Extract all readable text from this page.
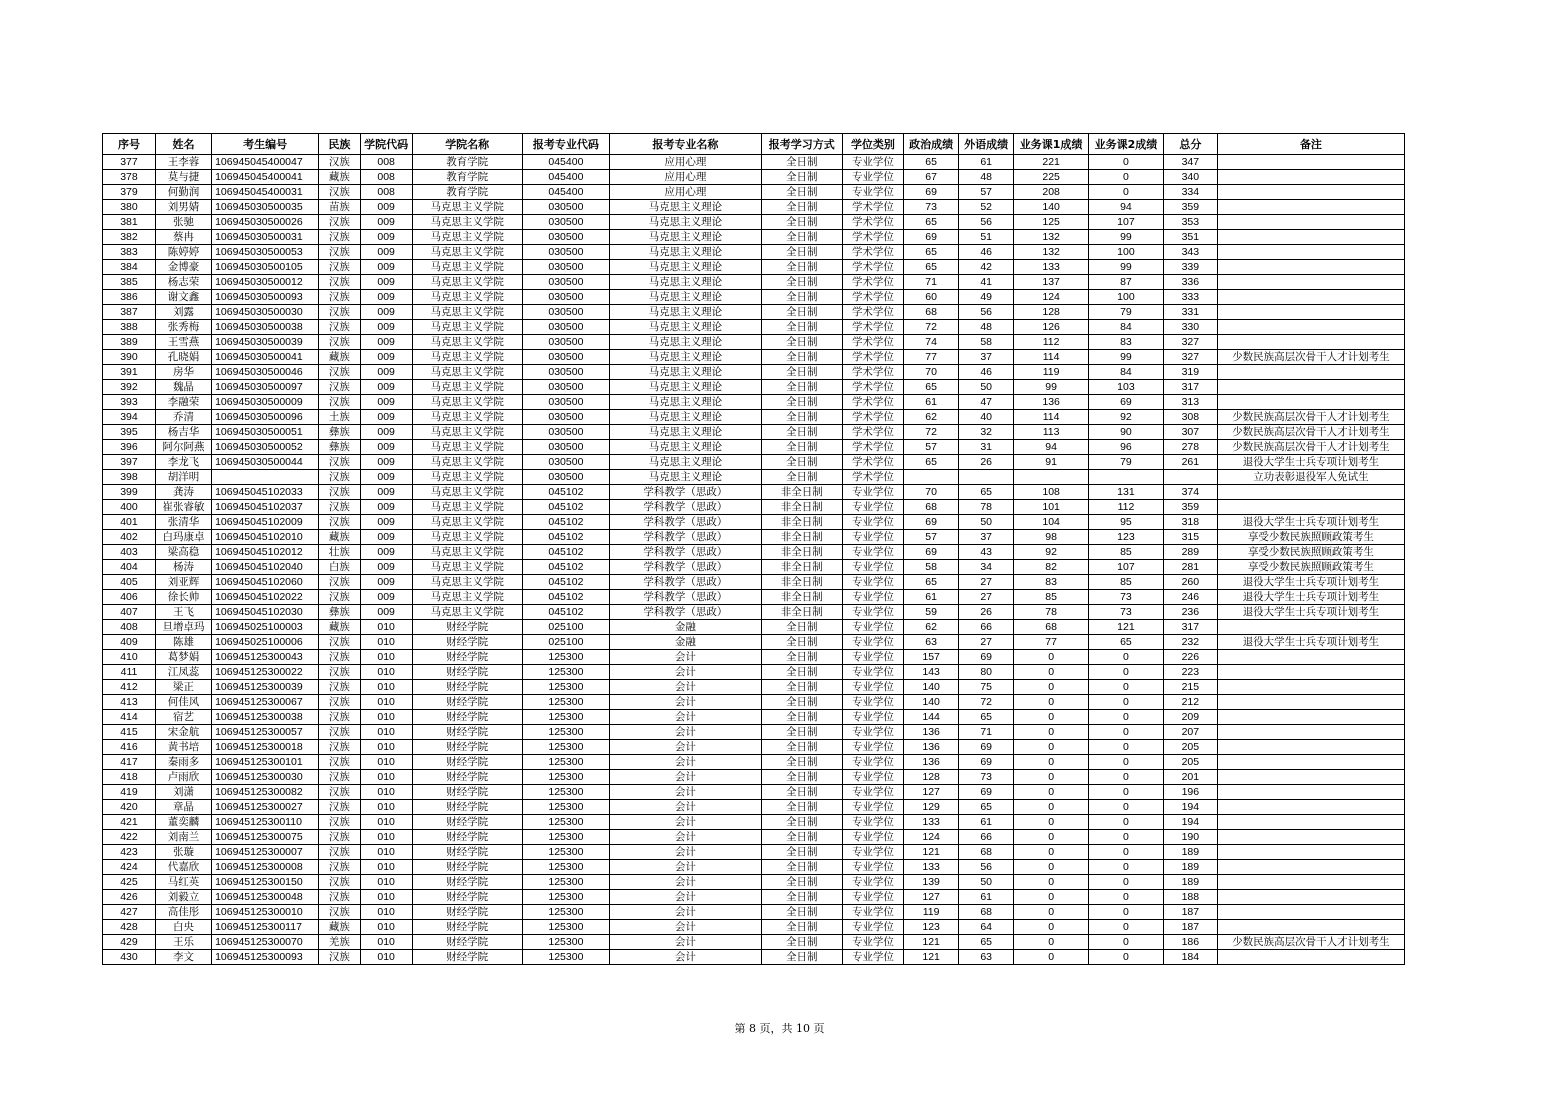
序号	姓名	考生编号	民族	学院代码	学院名称	报考专业代码	报考专业名称	报考学习方式	学位类别	政治成绩	外语成绩	业务课1成绩	业务课2成绩	总分	备注
377	王李蓉	106945045400047	汉族	008	教育学院	045400	应用心理	全日制	专业学位	65	61	221	0	347	
378	莫与捷	106945045400041	藏族	008	教育学院	045400	应用心理	全日制	专业学位	67	48	225	0	340	
379	何勤润	106945045400031	汉族	008	教育学院	045400	应用心理	全日制	专业学位	69	57	208	0	334	
380	刘男婧	106945030500035	苗族	009	马克思主义学院	030500	马克思主义理论	全日制	学术学位	73	52	140	94	359	
381	张驰	106945030500026	汉族	009	马克思主义学院	030500	马克思主义理论	全日制	学术学位	65	56	125	107	353	
382	蔡冉	106945030500031	汉族	009	马克思主义学院	030500	马克思主义理论	全日制	学术学位	69	51	132	99	351	
383	陈婷婷	106945030500053	汉族	009	马克思主义学院	030500	马克思主义理论	全日制	学术学位	65	46	132	100	343	
384	金博豪	106945030500105	汉族	009	马克思主义学院	030500	马克思主义理论	全日制	学术学位	65	42	133	99	339	
385	杨志荣	106945030500012	汉族	009	马克思主义学院	030500	马克思主义理论	全日制	学术学位	71	41	137	87	336	
386	谢文鑫	106945030500093	汉族	009	马克思主义学院	030500	马克思主义理论	全日制	学术学位	60	49	124	100	333	
387	刘露	106945030500030	汉族	009	马克思主义学院	030500	马克思主义理论	全日制	学术学位	68	56	128	79	331	
388	张秀梅	106945030500038	汉族	009	马克思主义学院	030500	马克思主义理论	全日制	学术学位	72	48	126	84	330	
389	王雪燕	106945030500039	汉族	009	马克思主义学院	030500	马克思主义理论	全日制	学术学位	74	58	112	83	327	
390	孔晓娟	106945030500041	藏族	009	马克思主义学院	030500	马克思主义理论	全日制	学术学位	77	37	114	99	327	少数民族高层次骨干人才计划考生
391	房华	106945030500046	汉族	009	马克思主义学院	030500	马克思主义理论	全日制	学术学位	70	46	119	84	319	
392	魏晶	106945030500097	汉族	009	马克思主义学院	030500	马克思主义理论	全日制	学术学位	65	50	99	103	317	
393	李融荣	106945030500009	汉族	009	马克思主义学院	030500	马克思主义理论	全日制	学术学位	61	47	136	69	313	
394	乔清	106945030500096	土族	009	马克思主义学院	030500	马克思主义理论	全日制	学术学位	62	40	114	92	308	少数民族高层次骨干人才计划考生
395	杨吉华	106945030500051	彝族	009	马克思主义学院	030500	马克思主义理论	全日制	学术学位	72	32	113	90	307	少数民族高层次骨干人才计划考生
396	阿尔阿燕	106945030500052	彝族	009	马克思主义学院	030500	马克思主义理论	全日制	学术学位	57	31	94	96	278	少数民族高层次骨干人才计划考生
397	李龙飞	106945030500044	汉族	009	马克思主义学院	030500	马克思主义理论	全日制	学术学位	65	26	91	79	261	退役大学生士兵专项计划考生
398	胡洋明		汉族	009	马克思主义学院	030500	马克思主义理论	全日制	学术学位						立功表彰退役军人免试生
399	龚涛	106945045102033	汉族	009	马克思主义学院	045102	学科教学（思政）	非全日制	专业学位	70	65	108	131	374	
400	崔张睿敏	106945045102037	汉族	009	马克思主义学院	045102	学科教学（思政）	非全日制	专业学位	68	78	101	112	359	
401	张清华	106945045102009	汉族	009	马克思主义学院	045102	学科教学（思政）	非全日制	专业学位	69	50	104	95	318	退役大学生士兵专项计划考生
402	白玛康卓	106945045102010	藏族	009	马克思主义学院	045102	学科教学（思政）	非全日制	专业学位	57	37	98	123	315	享受少数民族照顾政策考生
403	梁高稳	106945045102012	壮族	009	马克思主义学院	045102	学科教学（思政）	非全日制	专业学位	69	43	92	85	289	享受少数民族照顾政策考生
404	杨涛	106945045102040	白族	009	马克思主义学院	045102	学科教学（思政）	非全日制	专业学位	58	34	82	107	281	享受少数民族照顾政策考生
405	刘亚辉	106945045102060	汉族	009	马克思主义学院	045102	学科教学（思政）	非全日制	专业学位	65	27	83	85	260	退役大学生士兵专项计划考生
406	徐长帅	106945045102022	汉族	009	马克思主义学院	045102	学科教学（思政）	非全日制	专业学位	61	27	85	73	246	退役大学生士兵专项计划考生
407	王飞	106945045102030	彝族	009	马克思主义学院	045102	学科教学（思政）	非全日制	专业学位	59	26	78	73	236	退役大学生士兵专项计划考生
408	旦增卓玛	106945025100003	藏族	010	财经学院	025100	金融	全日制	专业学位	62	66	68	121	317	
409	陈雄	106945025100006	汉族	010	财经学院	025100	金融	全日制	专业学位	63	27	77	65	232	退役大学生士兵专项计划考生
410	葛梦娟	106945125300043	汉族	010	财经学院	125300	会计	全日制	专业学位	157	69	0	0	226	
411	江凤蕊	106945125300022	汉族	010	财经学院	125300	会计	全日制	专业学位	143	80	0	0	223	
412	梁正	106945125300039	汉族	010	财经学院	125300	会计	全日制	专业学位	140	75	0	0	215	
413	何佳风	106945125300067	汉族	010	财经学院	125300	会计	全日制	专业学位	140	72	0	0	212	
414	宿艺	106945125300038	汉族	010	财经学院	125300	会计	全日制	专业学位	144	65	0	0	209	
415	宋金航	106945125300057	汉族	010	财经学院	125300	会计	全日制	专业学位	136	71	0	0	207	
416	黄书培	106945125300018	汉族	010	财经学院	125300	会计	全日制	专业学位	136	69	0	0	205	
417	秦雨多	106945125300101	汉族	010	财经学院	125300	会计	全日制	专业学位	136	69	0	0	205	
418	卢雨欣	106945125300030	汉族	010	财经学院	125300	会计	全日制	专业学位	128	73	0	0	201	
419	刘潇	106945125300082	汉族	010	财经学院	125300	会计	全日制	专业学位	127	69	0	0	196	
420	章晶	106945125300027	汉族	010	财经学院	125300	会计	全日制	专业学位	129	65	0	0	194	
421	董奕麟	106945125300110	汉族	010	财经学院	125300	会计	全日制	专业学位	133	61	0	0	194	
422	刘南兰	106945125300075	汉族	010	财经学院	125300	会计	全日制	专业学位	124	66	0	0	190	
423	张璇	106945125300007	汉族	010	财经学院	125300	会计	全日制	专业学位	121	68	0	0	189	
424	代嘉欣	106945125300008	汉族	010	财经学院	125300	会计	全日制	专业学位	133	56	0	0	189	
425	马红英	106945125300150	汉族	010	财经学院	125300	会计	全日制	专业学位	139	50	0	0	189	
426	刘毅立	106945125300048	汉族	010	财经学院	125300	会计	全日制	专业学位	127	61	0	0	188	
427	高佳彤	106945125300010	汉族	010	财经学院	125300	会计	全日制	专业学位	119	68	0	0	187	
428	白央	106945125300117	藏族	010	财经学院	125300	会计	全日制	专业学位	123	64	0	0	187	
429	王乐	106945125300070	羌族	010	财经学院	125300	会计	全日制	专业学位	121	65	0	0	186	少数民族高层次骨干人才计划考生
430	李文	106945125300093	汉族	010	财经学院	125300	会计	全日制	专业学位	121	63	0	0	184	
第 8 页，共 10 页
